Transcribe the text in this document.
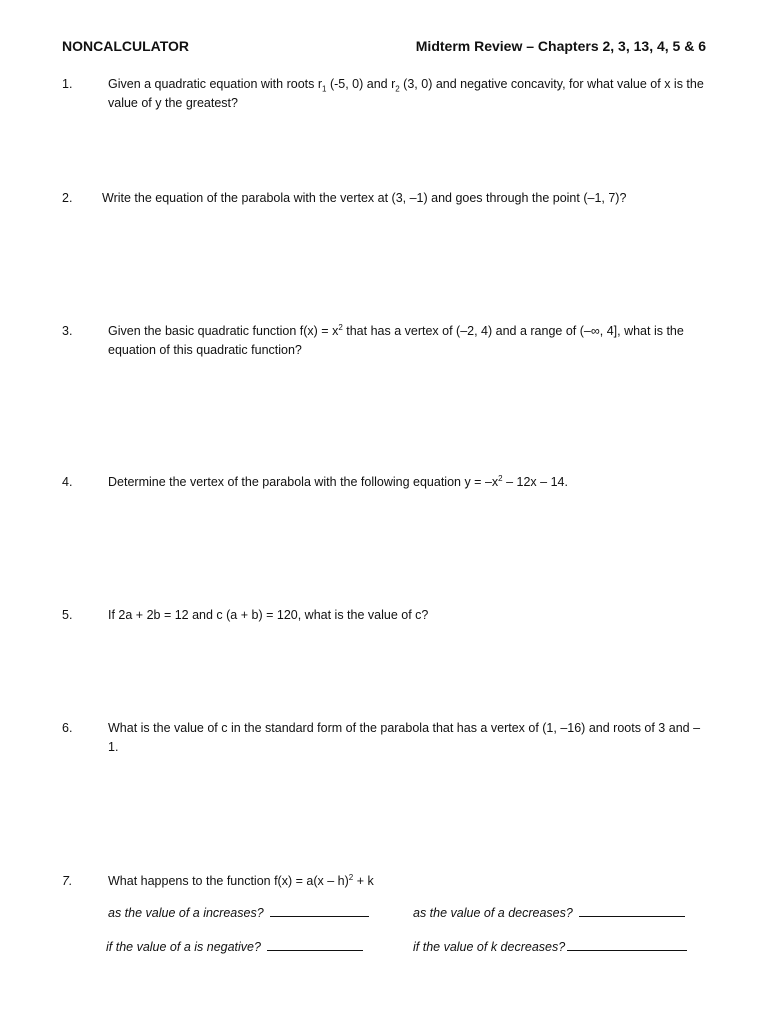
NONCALCULATOR	Midterm Review – Chapters 2, 3, 13, 4, 5 & 6
1.	Given a quadratic equation with roots $r_1$ (-5, 0) and $r_2$ (3, 0) and negative concavity, for what value of x is the value of y the greatest?
2. Write the equation of the parabola with the vertex at (3, –1) and goes through the point (–1, 7)?
3.	Given the basic quadratic function $f(x) = x^2$ that has a vertex of (–2, 4) and a range of (–∞, 4], what is the equation of this quadratic function?
4.	Determine the vertex of the parabola with the following equation $y = -x^2 - 12x - 14$.
5.	If 2a + 2b = 12 and c (a + b) = 120, what is the value of c?
6.	What is the value of c in the standard form of the parabola that has a vertex of (1, –16) and roots of 3 and –1.
7.	What happens to the function f(x) = a(x – h)$^2$ + k
as the value of a increases?	as the value of a decreases?
if the value of a is negative?	if the value of k decreases?
